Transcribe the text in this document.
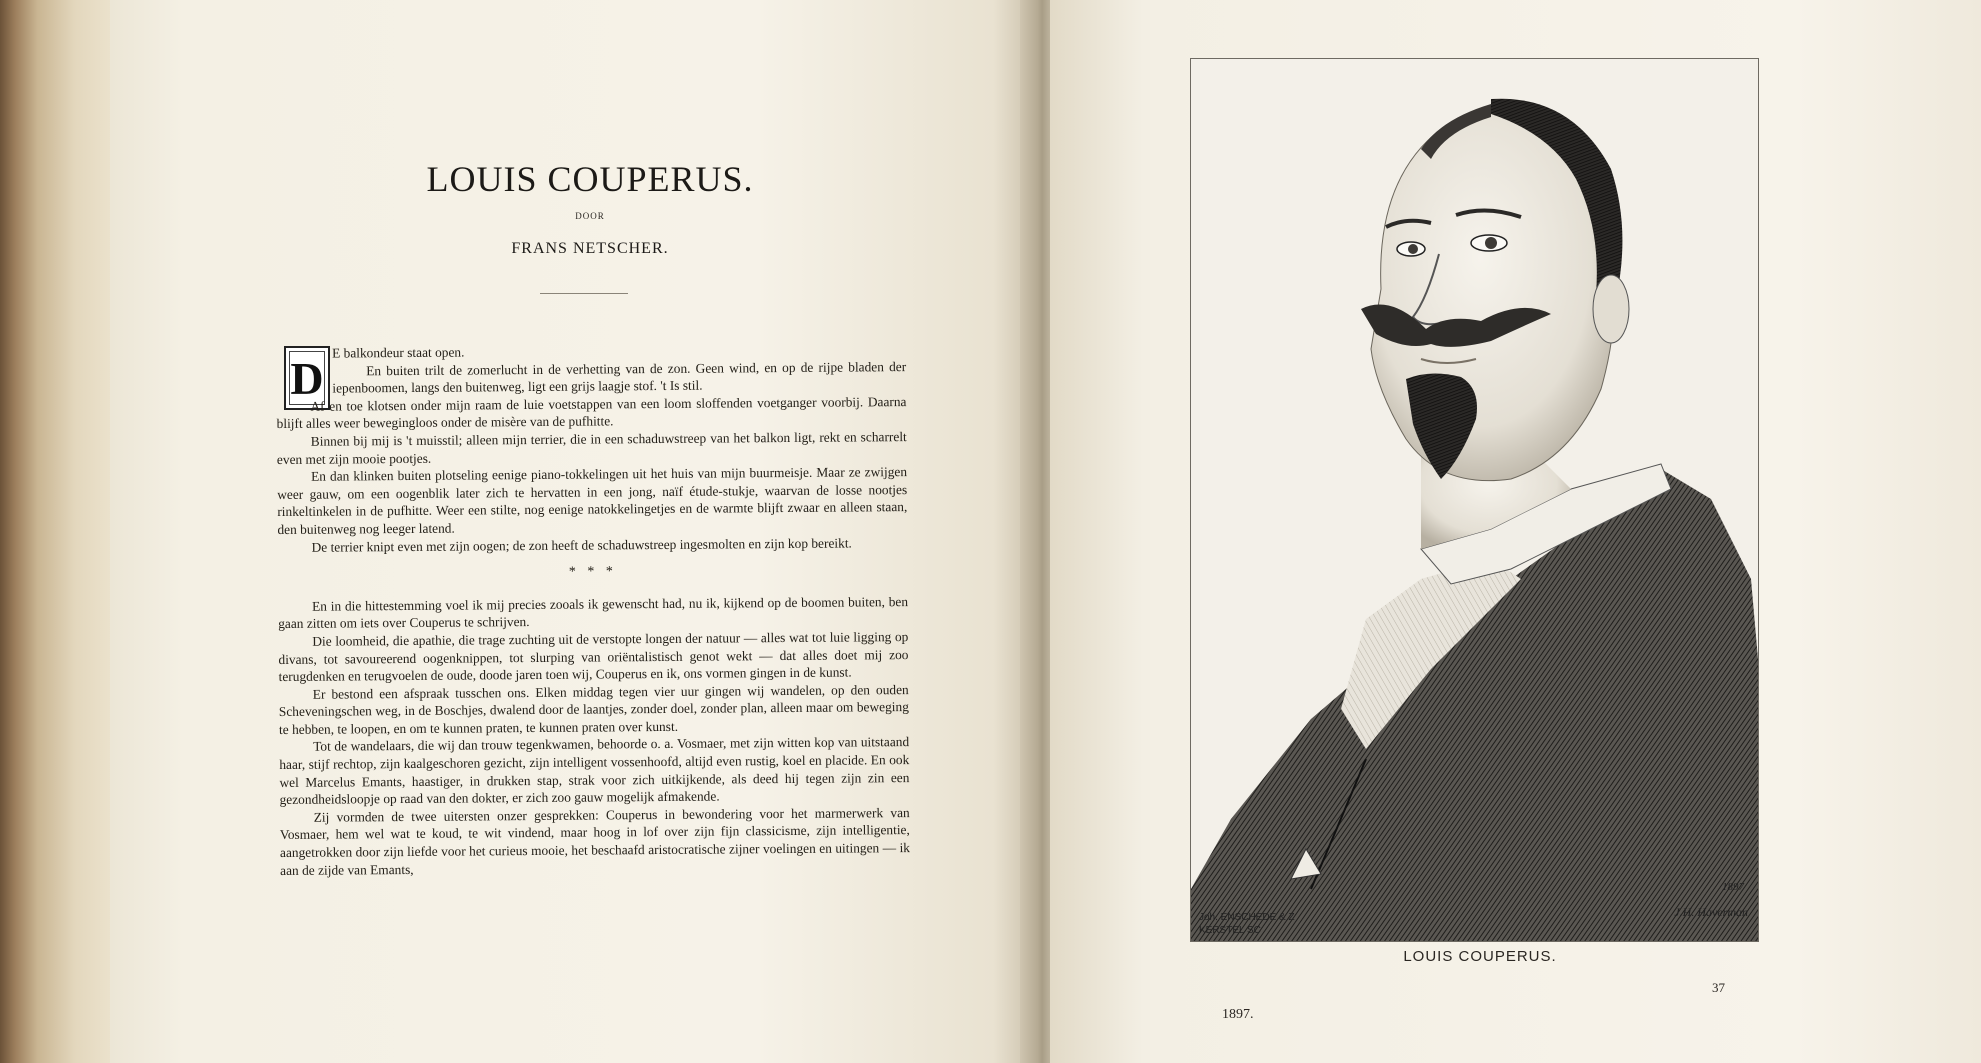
LOUIS COUPERUS.
DOOR
FRANS NETSCHER.
D E balkondeur staat open.

En buiten trilt de zomerlucht in de verhetting van de zon. Geen wind, en op de rijpe bladen der iepenboomen, langs den buitenweg, ligt een grijs laagje stof. 't Is stil.

Af en toe klotsen onder mijn raam de luie voetstappen van een loom sloffenden voetganger voorbij. Daarna blijft alles weer bewegingloos onder de misère van de pufhitte.

Binnen bij mij is 't muisstil; alleen mijn terrier, die in een schaduwstreep van het balkon ligt, rekt en scharrelt even met zijn mooie pootjes.

En dan klinken buiten plotseling eenige piano-tokkelingen uit het huis van mijn buurmeisje. Maar ze zwijgen weer gauw, om een oogenblik later zich te hervatten in een jong, naïf étude-stukje, waarvan de losse nootjes rinkeltinkelen in de pufhitte. Weer een stilte, nog eenige natokkelingetjes en de warmte blijft zwaar en alleen staan, den buitenweg nog leeger latend.

De terrier knipt even met zijn oogen; de zon heeft de schaduwstreep ingesmolten en zijn kop bereikt.

* * *

En in die hittestemming voel ik mij precies zooals ik gewenscht had, nu ik, kijkend op de boomen buiten, ben gaan zitten om iets over Couperus te schrijven.

Die loomheid, die apathie, die trage zuchting uit de verstopte longen der natuur — alles wat tot luie ligging op divans, tot savoureerend oogenknippen, tot slurping van oriëntalistisch genot wekt — dat alles doet mij zoo terugdenken en terugvoelen de oude, doode jaren toen wij, Couperus en ik, ons vormen gingen in de kunst.

Er bestond een afspraak tusschen ons. Elken middag tegen vier uur gingen wij wandelen, op den ouden Scheveningschen weg, in de Boschjes, dwalend door de laantjes, zonder doel, zonder plan, alleen maar om beweging te hebben, te loopen, en om te kunnen praten, te kunnen praten over kunst.

Tot de wandelaars, die wij dan trouw tegenkwamen, behoorde o. a. Vosmaer, met zijn witten kop van uitstaand haar, stijf rechtop, zijn kaalgeschoren gezicht, zijn intelligent vossenhoofd, altijd even rustig, koel en placide. En ook wel Marcelus Emants, haastiger, in drukken stap, strak voor zich uitkijkende, als deed hij tegen zijn zin een gezondheidsloopje op raad van den dokter, er zich zoo gauw mogelijk afmakende.

Zij vormden de twee uitersten onzer gesprekken: Couperus in bewondering voor het marmerwerk van Vosmaer, hem wel wat te koud, te wit vindend, maar hoog in lof over zijn fijn classicisme, zijn intelligentie, aangetrokken door zijn liefde voor het curieus mooie, het beschaafd aristocratische zijner voelingen en uitingen — ik aan de zijde van Emants,

Joh. ENSCHEDÉ & Z
KERSTEL SC
1897
J.H. Haverman
LOUIS COUPERUS.
37
1897.
